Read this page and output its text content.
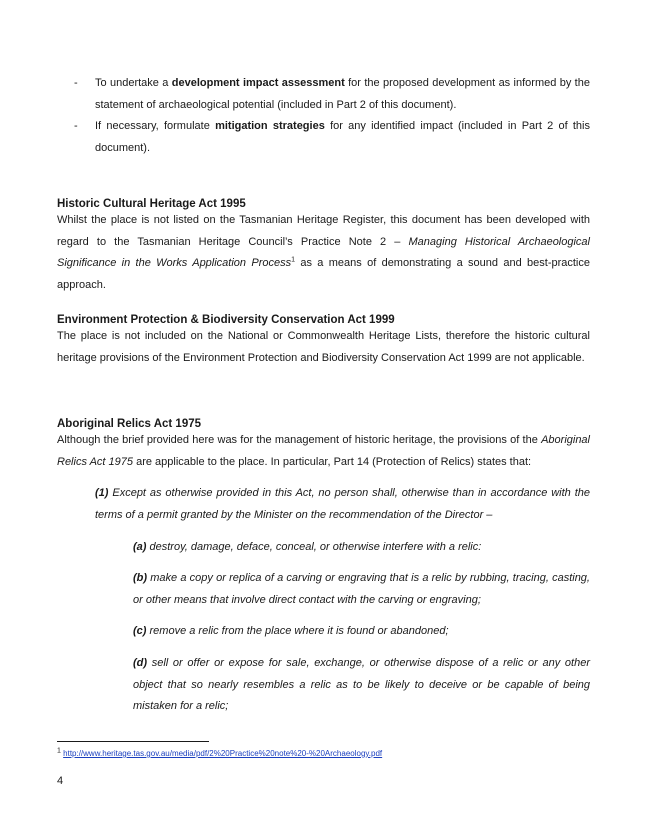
- To undertake a development impact assessment for the proposed development as informed by the statement of archaeological potential (included in Part 2 of this document).
- If necessary, formulate mitigation strategies for any identified impact (included in Part 2 of this document).
Historic Cultural Heritage Act 1995

Whilst the place is not listed on the Tasmanian Heritage Register, this document has been developed with regard to the Tasmanian Heritage Council’s Practice Note 2 – Managing Historical Archaeological Significance in the Works Application Process$^1$ as a means of demonstrating a sound and best-practice approach.

Environment Protection & Biodiversity Conservation Act 1999

The place is not included on the National or Commonwealth Heritage Lists, therefore the historic cultural heritage provisions of the Environment Protection and Biodiversity Conservation Act 1999 are not applicable.

Aboriginal Relics Act 1975

Although the brief provided here was for the management of historic heritage, the provisions of the Aboriginal Relics Act 1975 are applicable to the place. In particular, Part 14 (Protection of Relics) states that:

(1) Except as otherwise provided in this Act, no person shall, otherwise than in accordance with the terms of a permit granted by the Minister on the recommendation of the Director –

(a) destroy, damage, deface, conceal, or otherwise interfere with a relic:

(b) make a copy or replica of a carving or engraving that is a relic by rubbing, tracing, casting, or other means that involve direct contact with the carving or engraving;

(c) remove a relic from the place where it is found or abandoned;

(d) sell or offer or expose for sale, exchange, or otherwise dispose of a relic or any other object that so nearly resembles a relic as to be likely to deceive or be capable of being mistaken for a relic;

1 http://www.heritage.tas.gov.au/media/pdf/2%20Practice%20note%20-%20Archaeology.pdf
4
